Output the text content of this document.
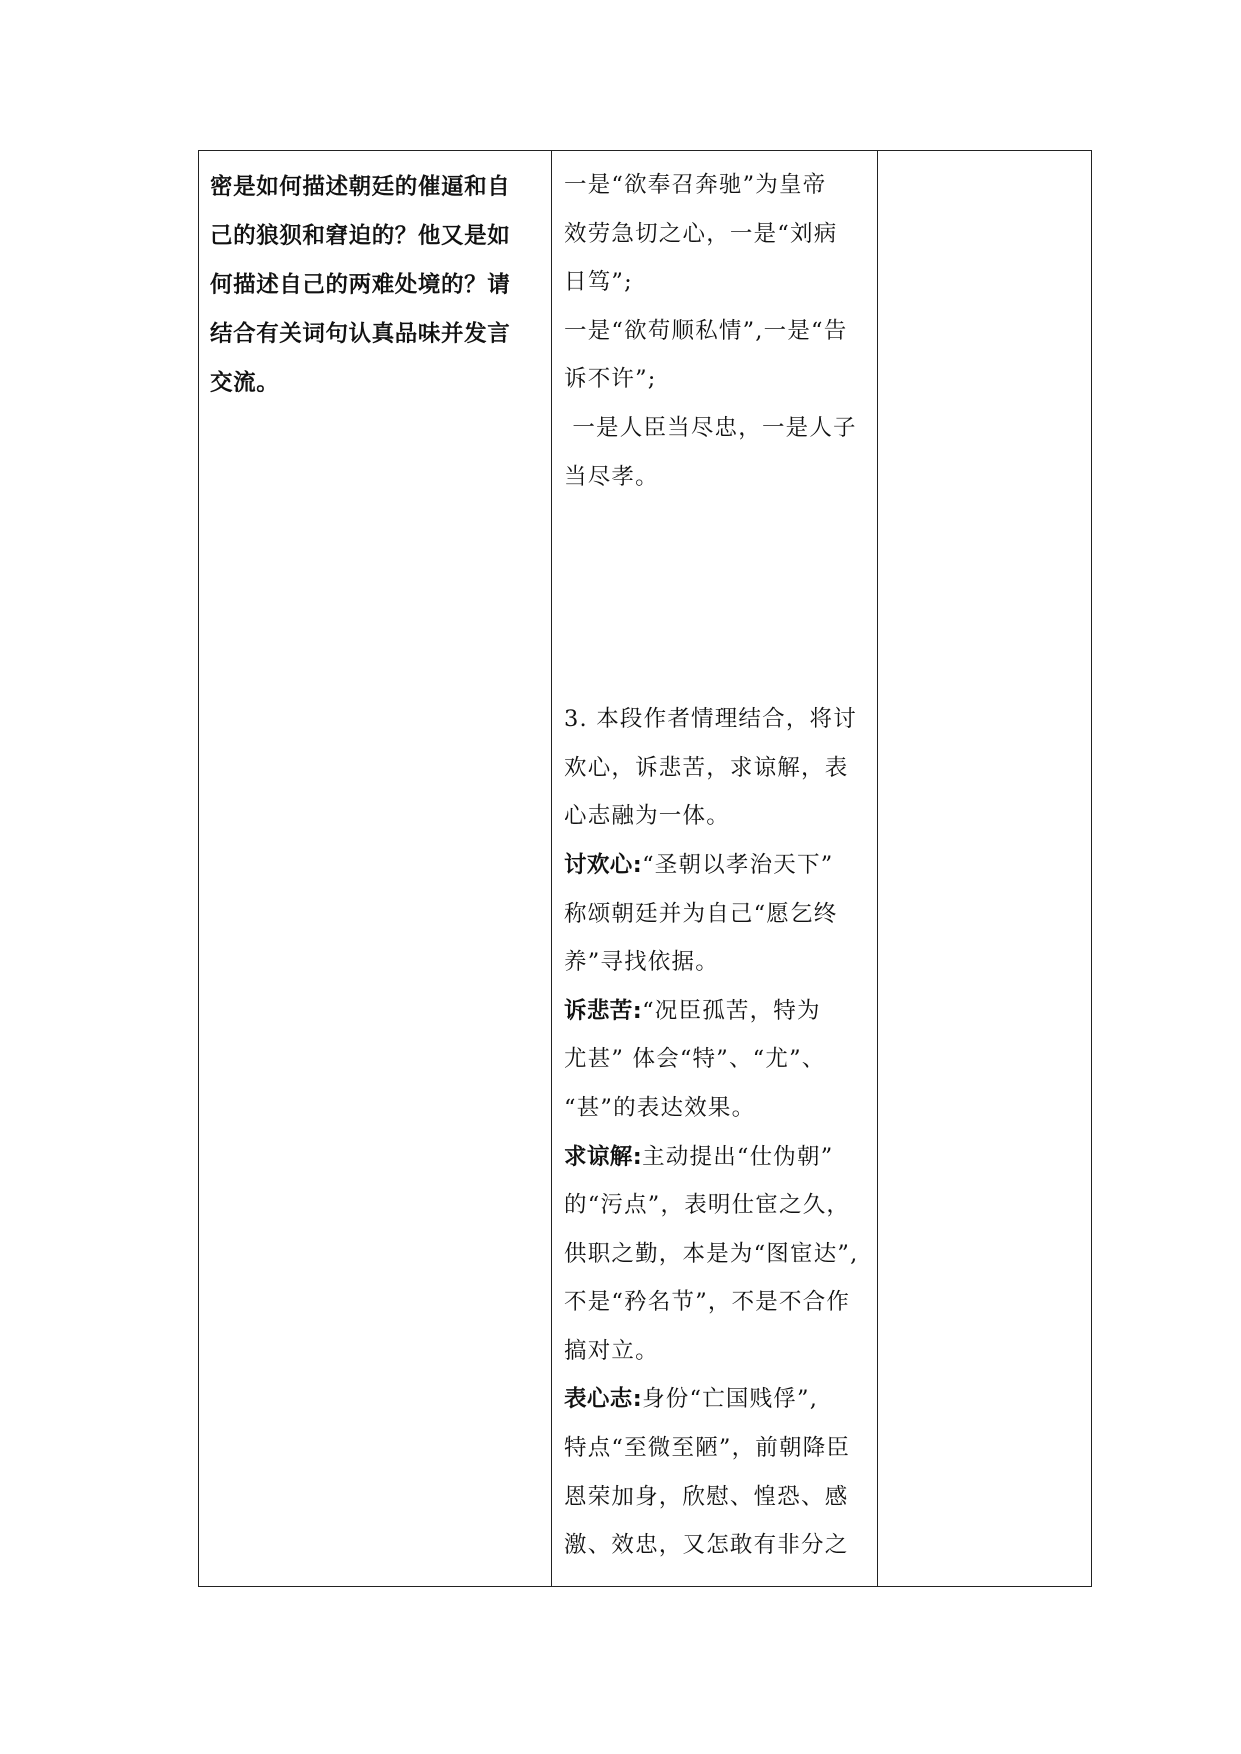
密是如何描述朝廷的催逼和自
己的狼狈和窘迫的？他又是如
何描述自己的两难处境的？请
结合有关词句认真品味并发言
交流。
一是“欲奉召奔驰”为皇帝
效劳急切之心，一是“刘病
日笃”;
一是“欲苟顺私情”,一是“告
诉不许”;
一是人臣当尽忠，一是人子
当尽孝。
3. 本段作者情理结合，将讨
欢心，诉悲苦，求谅解，表
心志融为一体。
讨欢心:“圣朝以孝治天下”
称颂朝廷并为自己“愿乞终
养”寻找依据。
诉悲苦:“况臣孤苦，特为
尤甚” 体会“特”、“尤”、
“甚”的表达效果。
求谅解:主动提出“仕伪朝”
的“污点”，表明仕宦之久，
供职之勤，本是为“图宦达”,
不是“矜名节”，不是不合作
搞对立。
表心志:身份“亡国贱俘”,
特点“至微至陋”，前朝降臣
恩荣加身，欣慰、惶恐、感
激、效忠，又怎敢有非分之
